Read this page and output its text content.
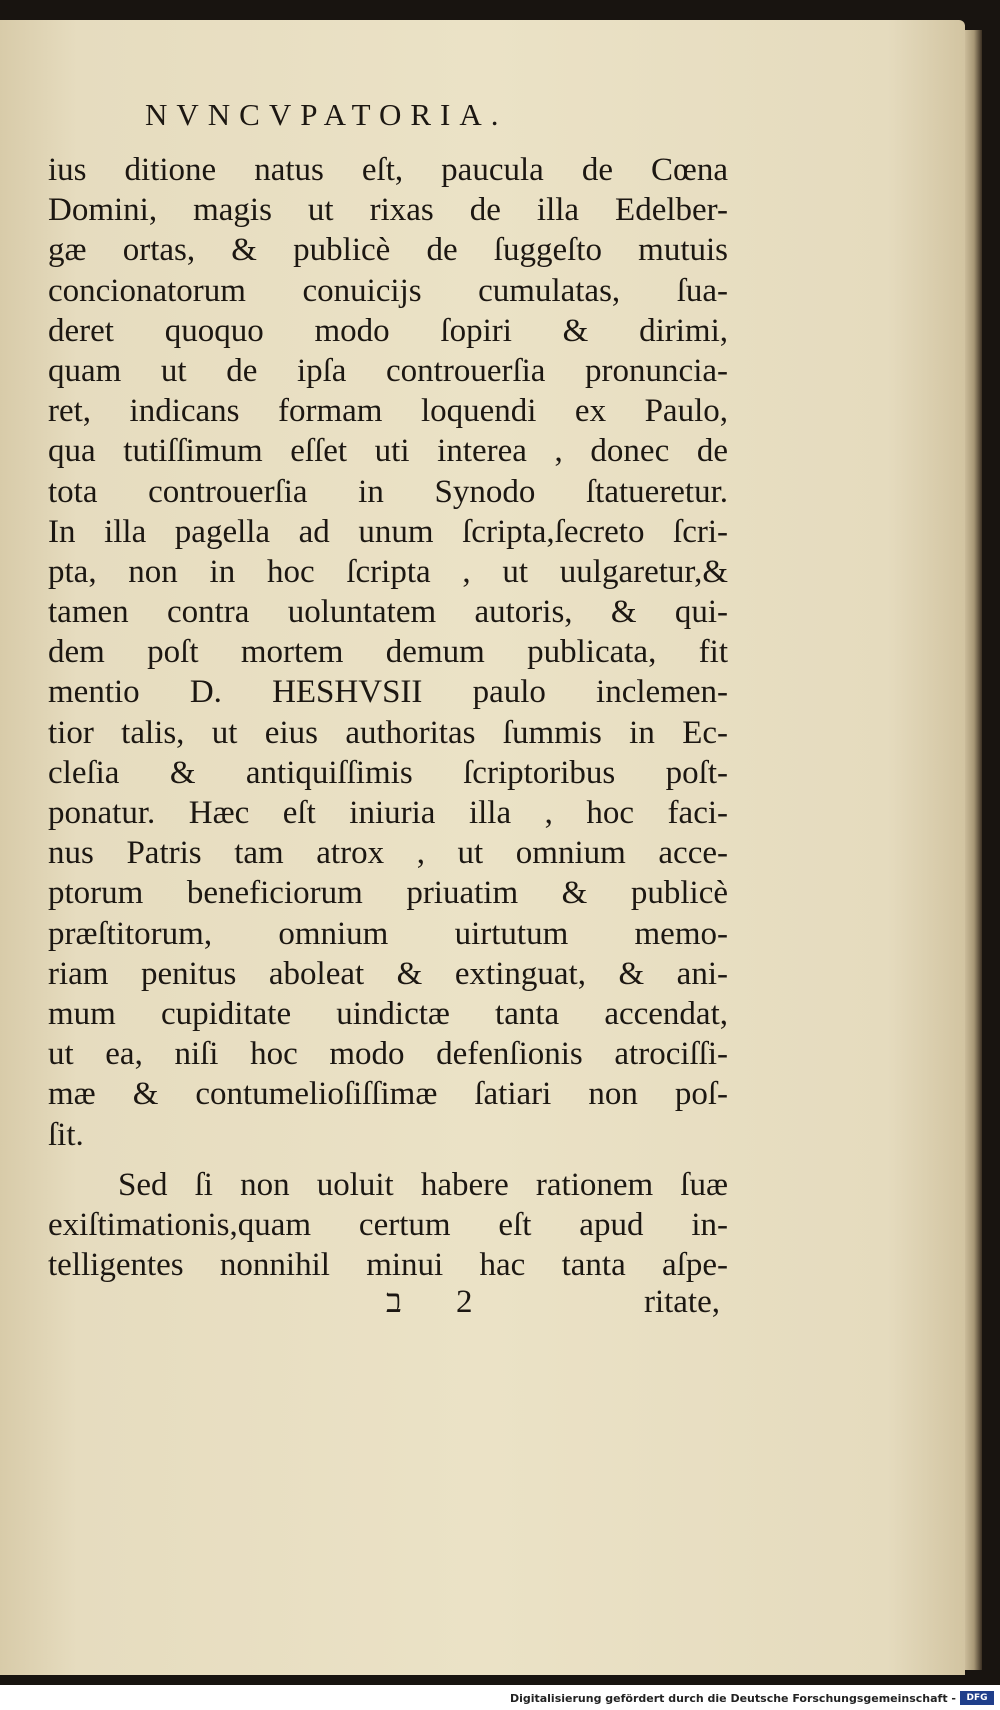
NVNCVPATORIA.
ius ditione natus eſt, paucula de Cœna
Domini, magis ut rixas de illa Edelber-
gæ ortas, & publicè de ſuggeſto mutuis
concionatorum conuicijs cumulatas, ſua-
deret quoquo modo ſopiri & dirimi,
quam ut de ipſa controuerſia pronuncia-
ret, indicans formam loquendi ex Paulo,
qua tutiſſimum eſſet uti interea , donec de
tota controuerſia in Synodo ſtatueretur.
In illa pagella ad unum ſcripta,ſecreto ſcri-
pta, non in hoc ſcripta , ut uulgaretur,&
tamen contra uoluntatem autoris, & qui-
dem poſt mortem demum publicata, fit
mentio D. HESHVSII paulo inclemen-
tior talis, ut eius authoritas ſummis in Ec-
cleſia & antiquiſſimis ſcriptoribus poſt-
ponatur. Hæc eſt iniuria illa , hoc faci-
nus Patris tam atrox , ut omnium acce-
ptorum beneficiorum priuatim & publicè
præſtitorum, omnium uirtutum memo-
riam penitus aboleat & extinguat, & ani-
mum cupiditate uindictæ tanta accendat,
ut ea, niſi hoc modo defenſionis atrociſſi-
mæ & contumelioſiſſimæ ſatiari non poſ-
ſit.
Sed ſi non uoluit habere rationem ſuæ
exiſtimationis,quam certum eſt apud in-
telligentes nonnihil minui hac tanta aſpe-
ב 2	ritate,
Digitalisierung gefördert durch die Deutsche Forschungsgemeinschaft -	DFG
